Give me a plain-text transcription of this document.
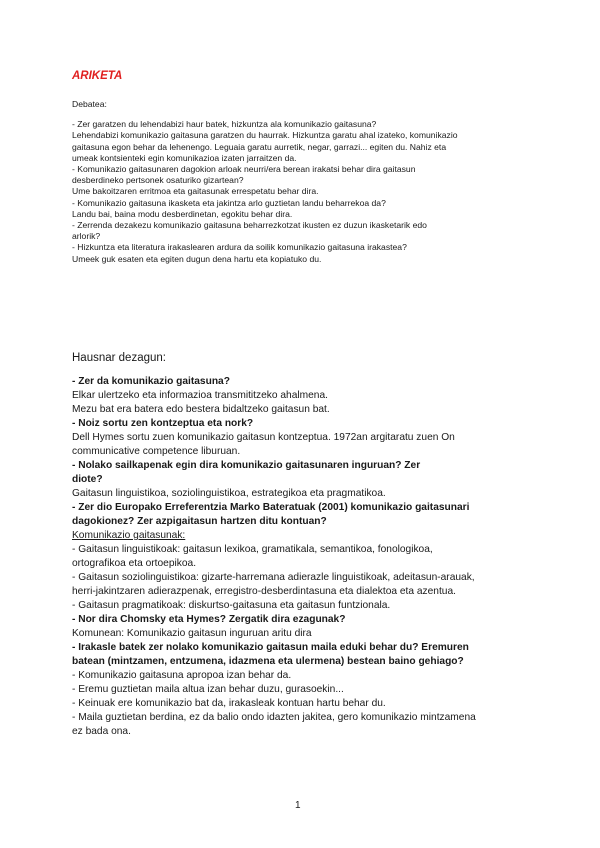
ARIKETA

Debatea:

- Zer garatzen du lehendabizi haur batek, hizkuntza ala komunikazio gaitasuna?

Lehendabizi komunikazio gaitasuna garatzen du haurrak. Hizkuntza garatu ahal izateko, komunikazio

gaitasuna egon behar da lehenengo. Leguaia garatu aurretik, negar, garrazi... egiten du. Nahiz eta

umeak kontsienteki egin komunikazioa izaten jarraitzen da.

- Komunikazio gaitasunaren dagokion arloak neurri/era berean irakatsi behar dira gaitasun

desberdineko pertsonek osaturiko gizartean?

Ume bakoitzaren erritmoa eta gaitasunak errespetatu behar dira.

- Komunikazio gaitasuna ikasketa eta jakintza arlo guztietan landu beharrekoa da?

Landu bai, baina modu desberdinetan, egokitu behar dira.

- Zerrenda dezakezu komunikazio gaitasuna beharrezkotzat ikusten ez duzun ikasketarik edo

arlorik?

- Hizkuntza eta literatura irakaslearen ardura da soilik komunikazio gaitasuna irakastea?

Umeek guk esaten eta egiten dugun dena hartu eta kopiatuko du.

Hausnar dezagun:

- Zer da komunikazio gaitasuna?

Elkar ulertzeko eta informazioa transmititzeko ahalmena.

Mezu bat era batera edo bestera bidaltzeko gaitasun bat.

- Noiz sortu zen kontzeptua eta nork?

Dell Hymes sortu zuen komunikazio gaitasun kontzeptua. 1972an argitaratu zuen On

communicative competence liburuan.

- Nolako sailkapenak egin dira komunikazio gaitasunaren inguruan? Zer

diote?

Gaitasun linguistikoa, soziolinguistikoa, estrategikoa eta pragmatikoa.

- Zer dio Europako Erreferentzia Marko Bateratuak (2001) komunikazio gaitasunari

dagokionez? Zer azpigaitasun hartzen ditu kontuan?

Komunikazio gaitasunak:

- Gaitasun linguistikoak: gaitasun lexikoa, gramatikala, semantikoa, fonologikoa,

ortografikoa eta ortoepikoa.

- Gaitasun soziolinguistikoa: gizarte-harremana adierazle linguistikoak, adeitasun-arauak,

herri-jakintzaren adierazpenak, erregistro-desberdintasuna eta dialektoa eta azentua.

- Gaitasun pragmatikoak: diskurtso-gaitasuna eta gaitasun funtzionala.

- Nor dira Chomsky eta Hymes? Zergatik dira ezagunak?

Komunean: Komunikazio gaitasun inguruan aritu dira

- Irakasle batek zer nolako komunikazio gaitasun maila eduki behar du? Eremuren

batean (mintzamen, entzumena, idazmena eta ulermena) bestean baino gehiago?

- Komunikazio gaitasuna apropoa izan behar da.

- Eremu guztietan maila altua izan behar duzu, gurasoekin...

- Keinuak ere komunikazio bat da, irakasleak kontuan hartu behar du.

- Maila guztietan berdina, ez da balio ondo idazten jakitea, gero komunikazio mintzamena

ez bada ona.

1
